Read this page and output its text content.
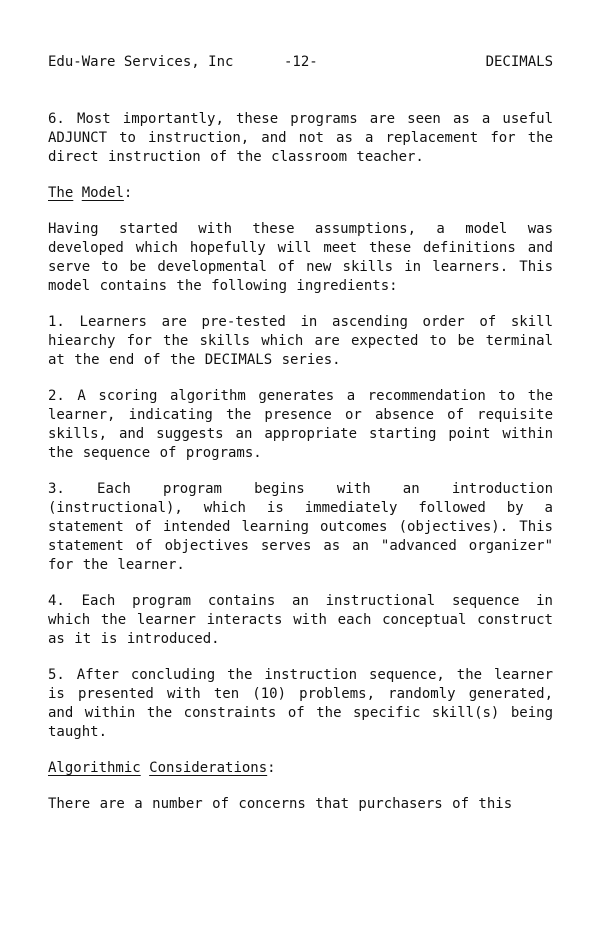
Edu-Ware Services, Inc	-12-	DECIMALS

6. Most importantly, these programs are seen as a useful ADJUNCT to instruction, and not as a replacement for the direct instruction of the classroom teacher.

The Model:

Having started with these assumptions, a model was developed which hopefully will meet these definitions and serve to be developmental of new skills in learners. This model contains the following ingredients:

1. Learners are pre-tested in ascending order of skill hiearchy for the skills which are expected to be terminal at the end of the DECIMALS series.

2. A scoring algorithm generates a recommendation to the learner, indicating the presence or absence of requisite skills, and suggests an appropriate starting point within the sequence of programs.

3. Each program begins with an introduction (instructional), which is immediately followed by a statement of intended learning outcomes (objectives). This statement of objectives serves as an "advanced organizer" for the learner.

4. Each program contains an instructional sequence in which the learner interacts with each conceptual construct as it is introduced.

5. After concluding the instruction sequence, the learner is presented with ten (10) problems, randomly generated, and within the constraints of the specific skill(s) being taught.

Algorithmic Considerations:

There are a number of concerns that purchasers of this
